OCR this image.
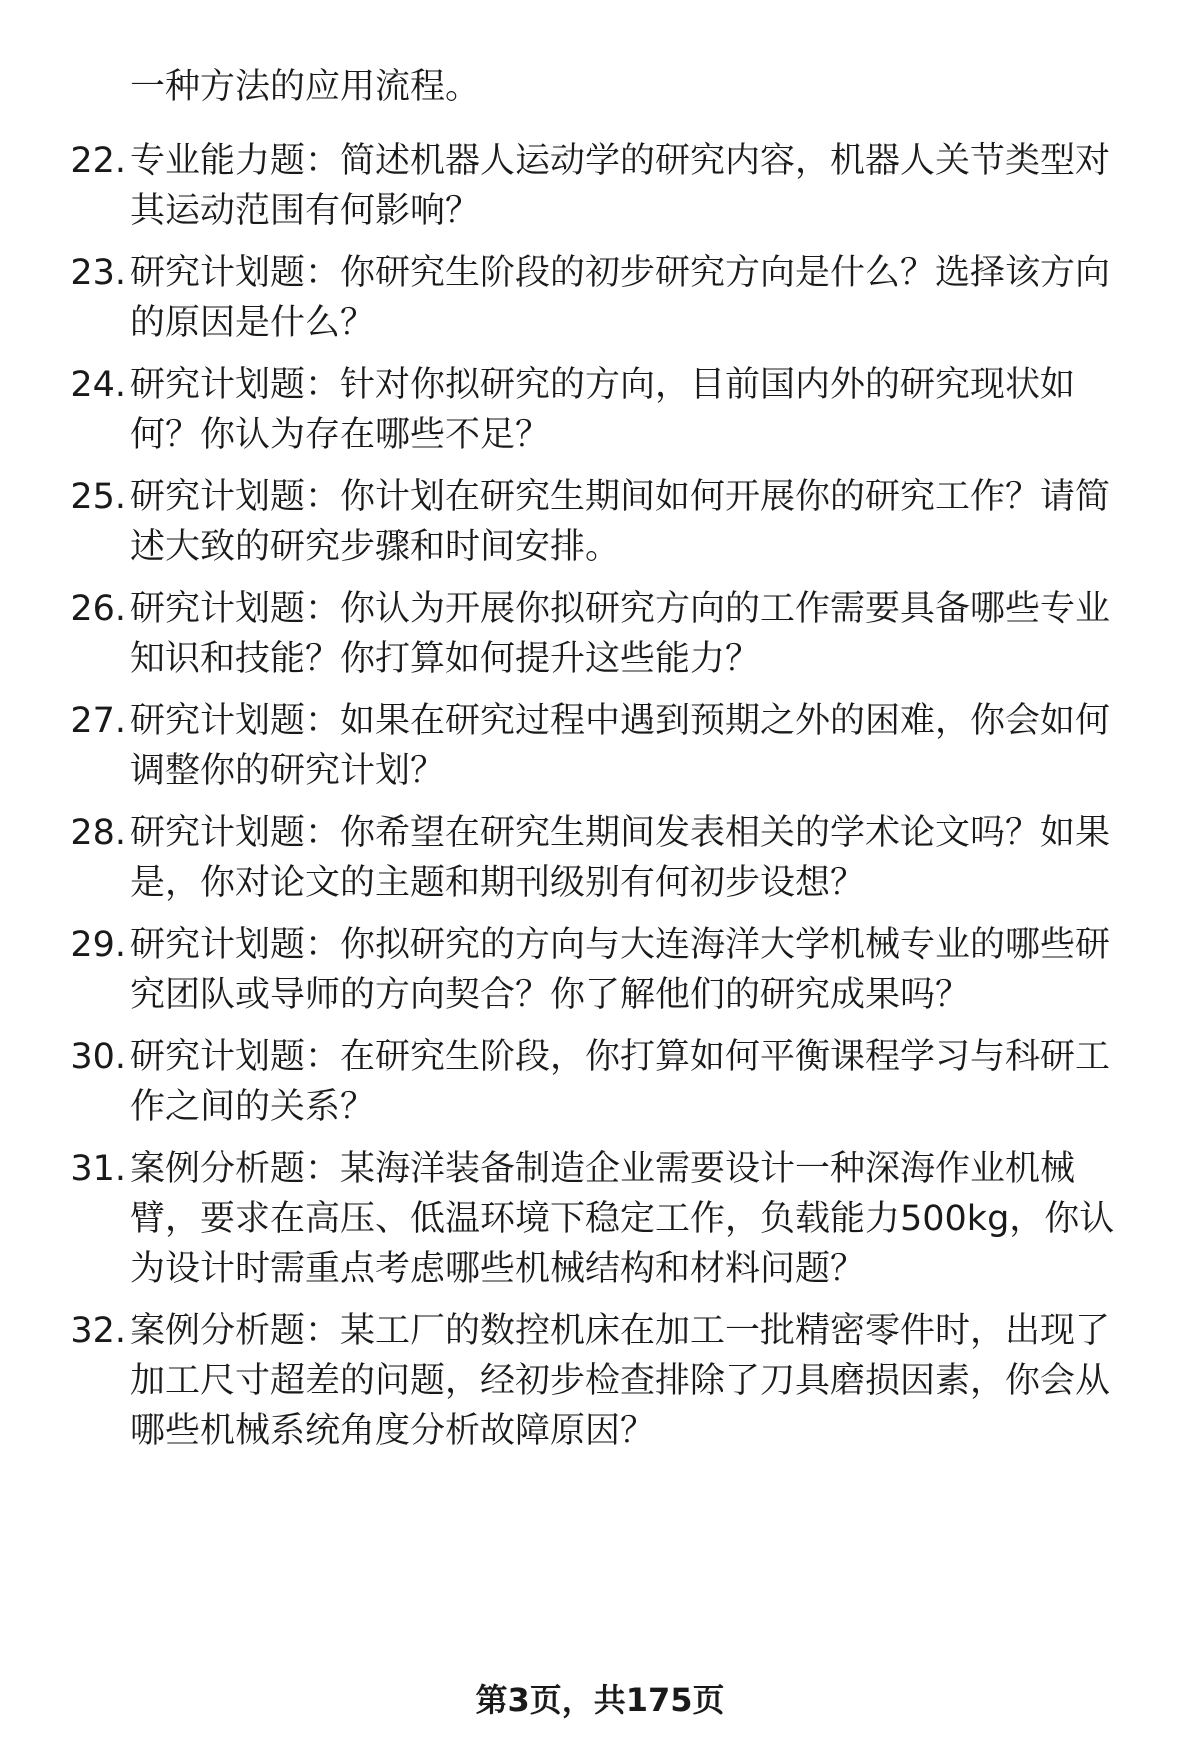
一种方法的应用流程。

22. 专业能力题：简述机器人运动学的研究内容，机器人关节类型对其运动范围有何影响？
23. 研究计划题：你研究生阶段的初步研究方向是什么？选择该方向的原因是什么？
24. 研究计划题：针对你拟研究的方向，目前国内外的研究现状如何？你认为存在哪些不足？
25. 研究计划题：你计划在研究生期间如何开展你的研究工作？请简述大致的研究步骤和时间安排。
26. 研究计划题：你认为开展你拟研究方向的工作需要具备哪些专业知识和技能？你打算如何提升这些能力？
27. 研究计划题：如果在研究过程中遇到预期之外的困难，你会如何调整你的研究计划？
28. 研究计划题：你希望在研究生期间发表相关的学术论文吗？如果是，你对论文的主题和期刊级别有何初步设想？
29. 研究计划题：你拟研究的方向与大连海洋大学机械专业的哪些研究团队或导师的方向契合？你了解他们的研究成果吗？
30. 研究计划题：在研究生阶段，你打算如何平衡课程学习与科研工作之间的关系？
31. 案例分析题：某海洋装备制造企业需要设计一种深海作业机械臂，要求在高压、低温环境下稳定工作，负载能力500kg，你认为设计时需重点考虑哪些机械结构和材料问题？
32. 案例分析题：某工厂的数控机床在加工一批精密零件时，出现了加工尺寸超差的问题，经初步检查排除了刀具磨损因素，你会从哪些机械系统角度分析故障原因？
第3页，共175页
